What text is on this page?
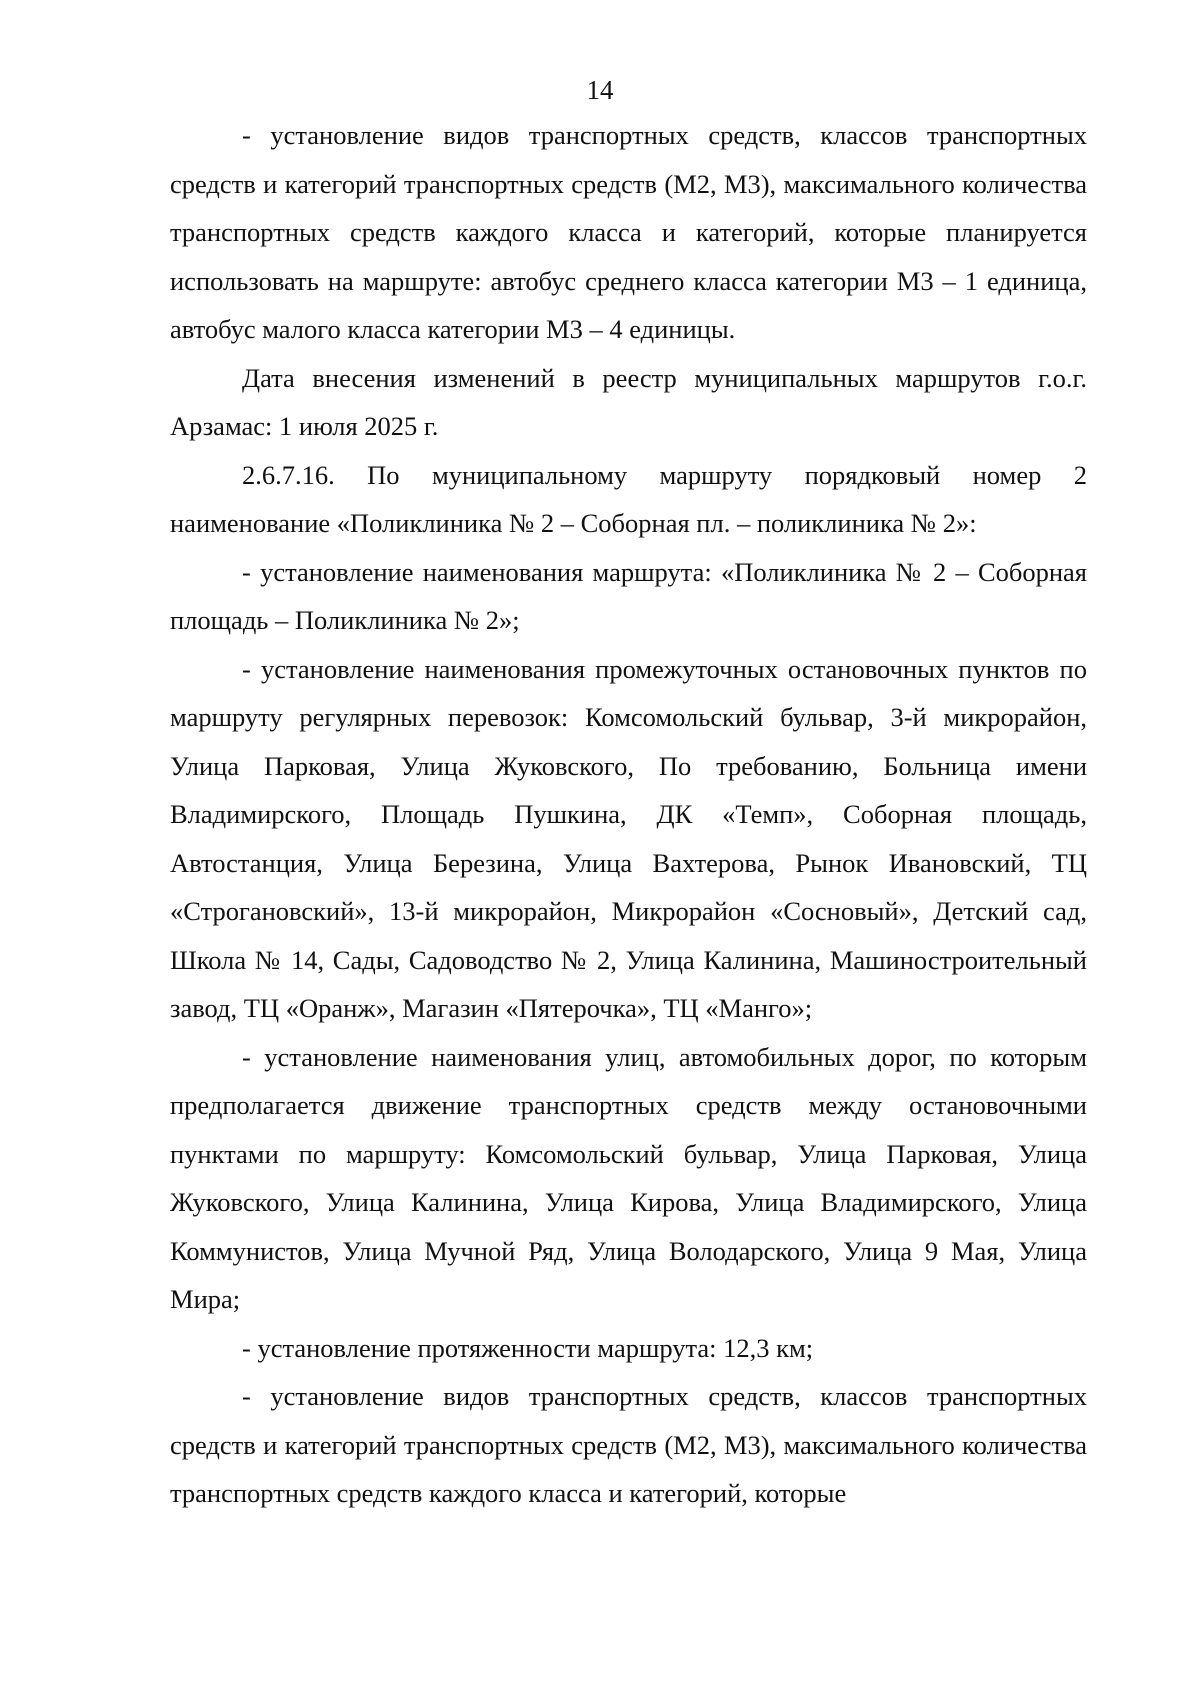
14

- установление видов транспортных средств, классов транспортных средств и категорий транспортных средств (М2, М3), максимального количества транспортных средств каждого класса и категорий, которые планируется использовать на маршруте: автобус среднего класса категории М3 – 1 единица, автобус малого класса категории М3 – 4 единицы.

Дата внесения изменений в реестр муниципальных маршрутов г.о.г. Арзамас: 1 июля 2025 г.

2.6.7.16. По муниципальному маршруту порядковый номер 2 наименование «Поликлиника № 2 – Соборная пл. – поликлиника № 2»:

- установление наименования маршрута: «Поликлиника № 2 – Соборная площадь – Поликлиника № 2»;

- установление наименования промежуточных остановочных пунктов по маршруту регулярных перевозок: Комсомольский бульвар, 3-й микрорайон, Улица Парковая, Улица Жуковского, По требованию, Больница имени Владимирского, Площадь Пушкина, ДК «Темп», Соборная площадь, Автостанция, Улица Березина, Улица Вахтерова, Рынок Ивановский, ТЦ «Строгановский», 13-й микрорайон, Микрорайон «Сосновый», Детский сад, Школа № 14, Сады, Садоводство № 2, Улица Калинина, Машиностроительный завод, ТЦ «Оранж», Магазин «Пятерочка», ТЦ «Манго»;

- установление наименования улиц, автомобильных дорог, по которым предполагается движение транспортных средств между остановочными пунктами по маршруту: Комсомольский бульвар, Улица Парковая, Улица Жуковского, Улица Калинина, Улица Кирова, Улица Владимирского, Улица Коммунистов, Улица Мучной Ряд, Улица Володарского, Улица 9 Мая, Улица Мира;

- установление протяженности маршрута: 12,3 км;

- установление видов транспортных средств, классов транспортных средств и категорий транспортных средств (М2, М3), максимального количества транспортных средств каждого класса и категорий, которые
